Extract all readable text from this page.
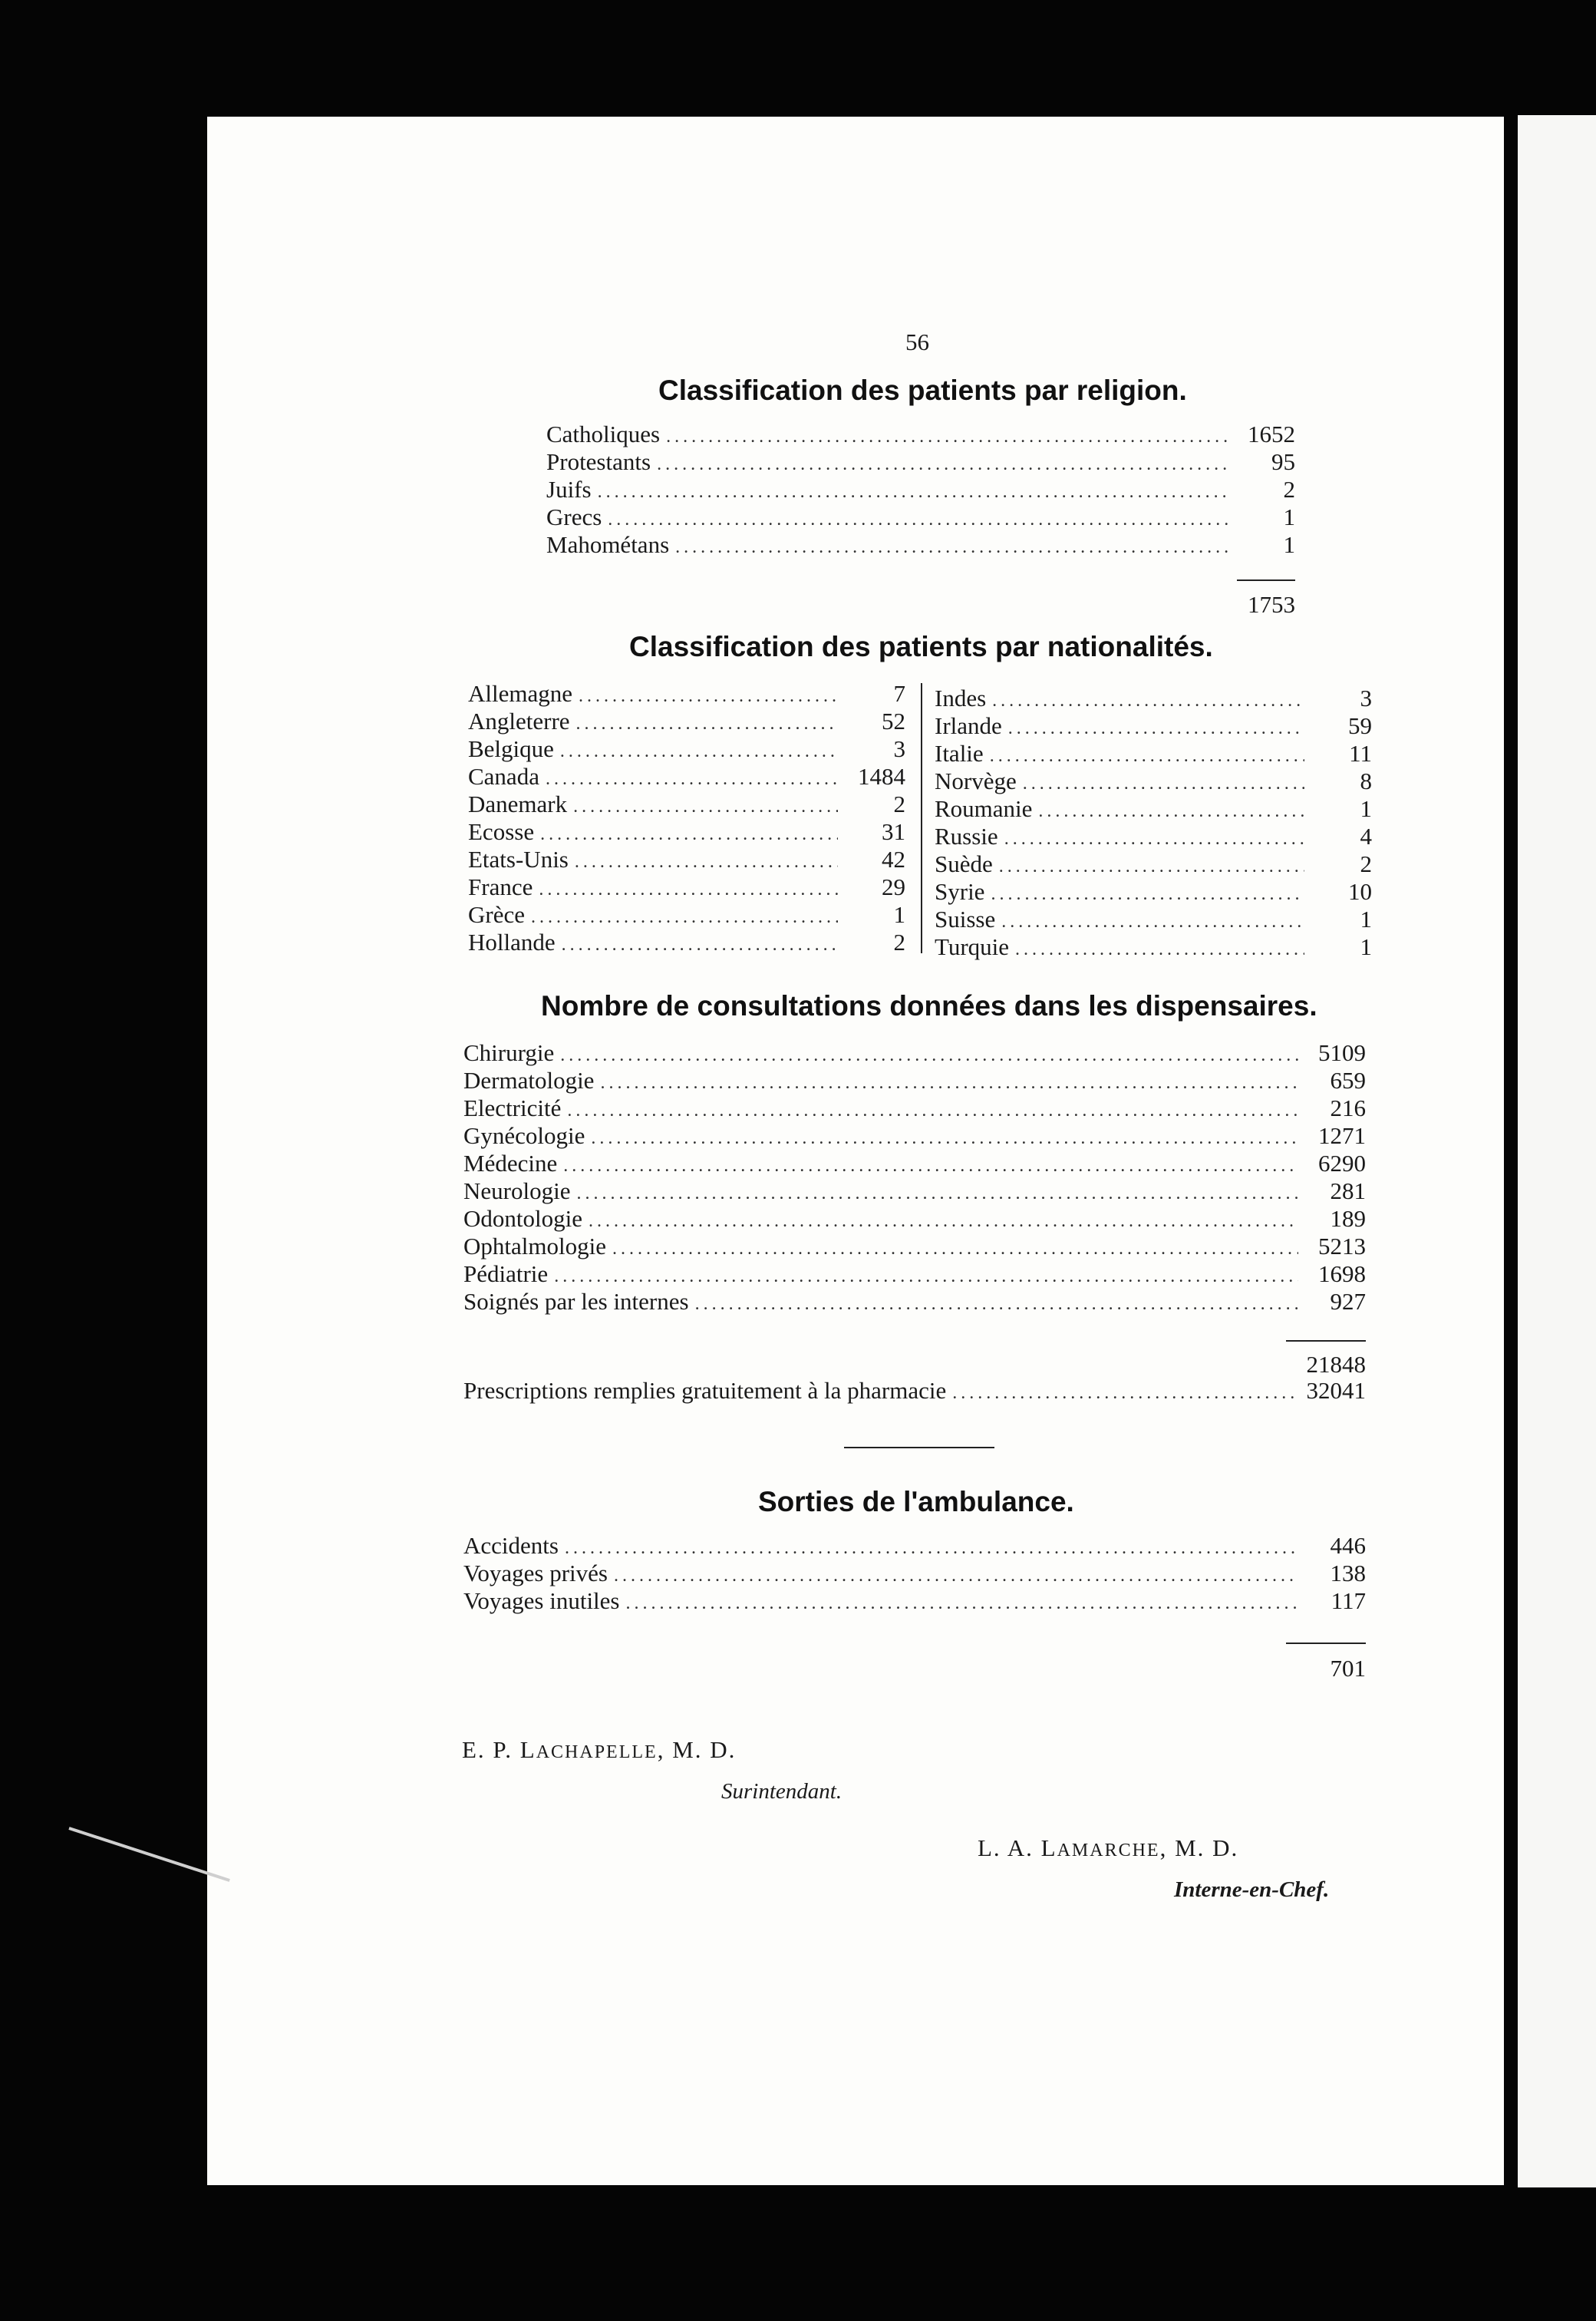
56
Classification des patients par religion.
Catholiques .....	1652
Protestants .....	95
Juifs .....	2
Grecs .....	1
Mahométans .....	1
1753
Classification des patients par nationalités.
Allemagne .....	7
Angleterre .....	52
Belgique .....	3
Canada .....	1484
Danemark .....	2
Ecosse .....	31
Etats-Unis .....	42
France .....	29
Grèce .....	1
Hollande .....	2
Indes .....	3
Irlande .....	59
Italie .....	11
Norvège .....	8
Roumanie .....	1
Russie .....	4
Suède .....	2
Syrie .....	10
Suisse .....	1
Turquie .....	1
Nombre de consultations données dans les dispensaires.
Chirurgie .....	5109
Dermatologie .....	659
Electricité .....	216
Gynécologie .....	1271
Médecine .....	6290
Neurologie .....	281
Odontologie .....	189
Ophtalmologie .....	5213
Pédiatrie .....	1698
Soignés par les internes .....	927
21848
Prescriptions remplies gratuitement à la pharmacie .....	32041
Sorties de l'ambulance.
Accidents .....	446
Voyages privés .....	138
Voyages inutiles .....	117
701
E. P. LACHAPELLE, M. D.
Surintendant.
L. A. LAMARCHE, M. D.
Interne-en-Chef.
